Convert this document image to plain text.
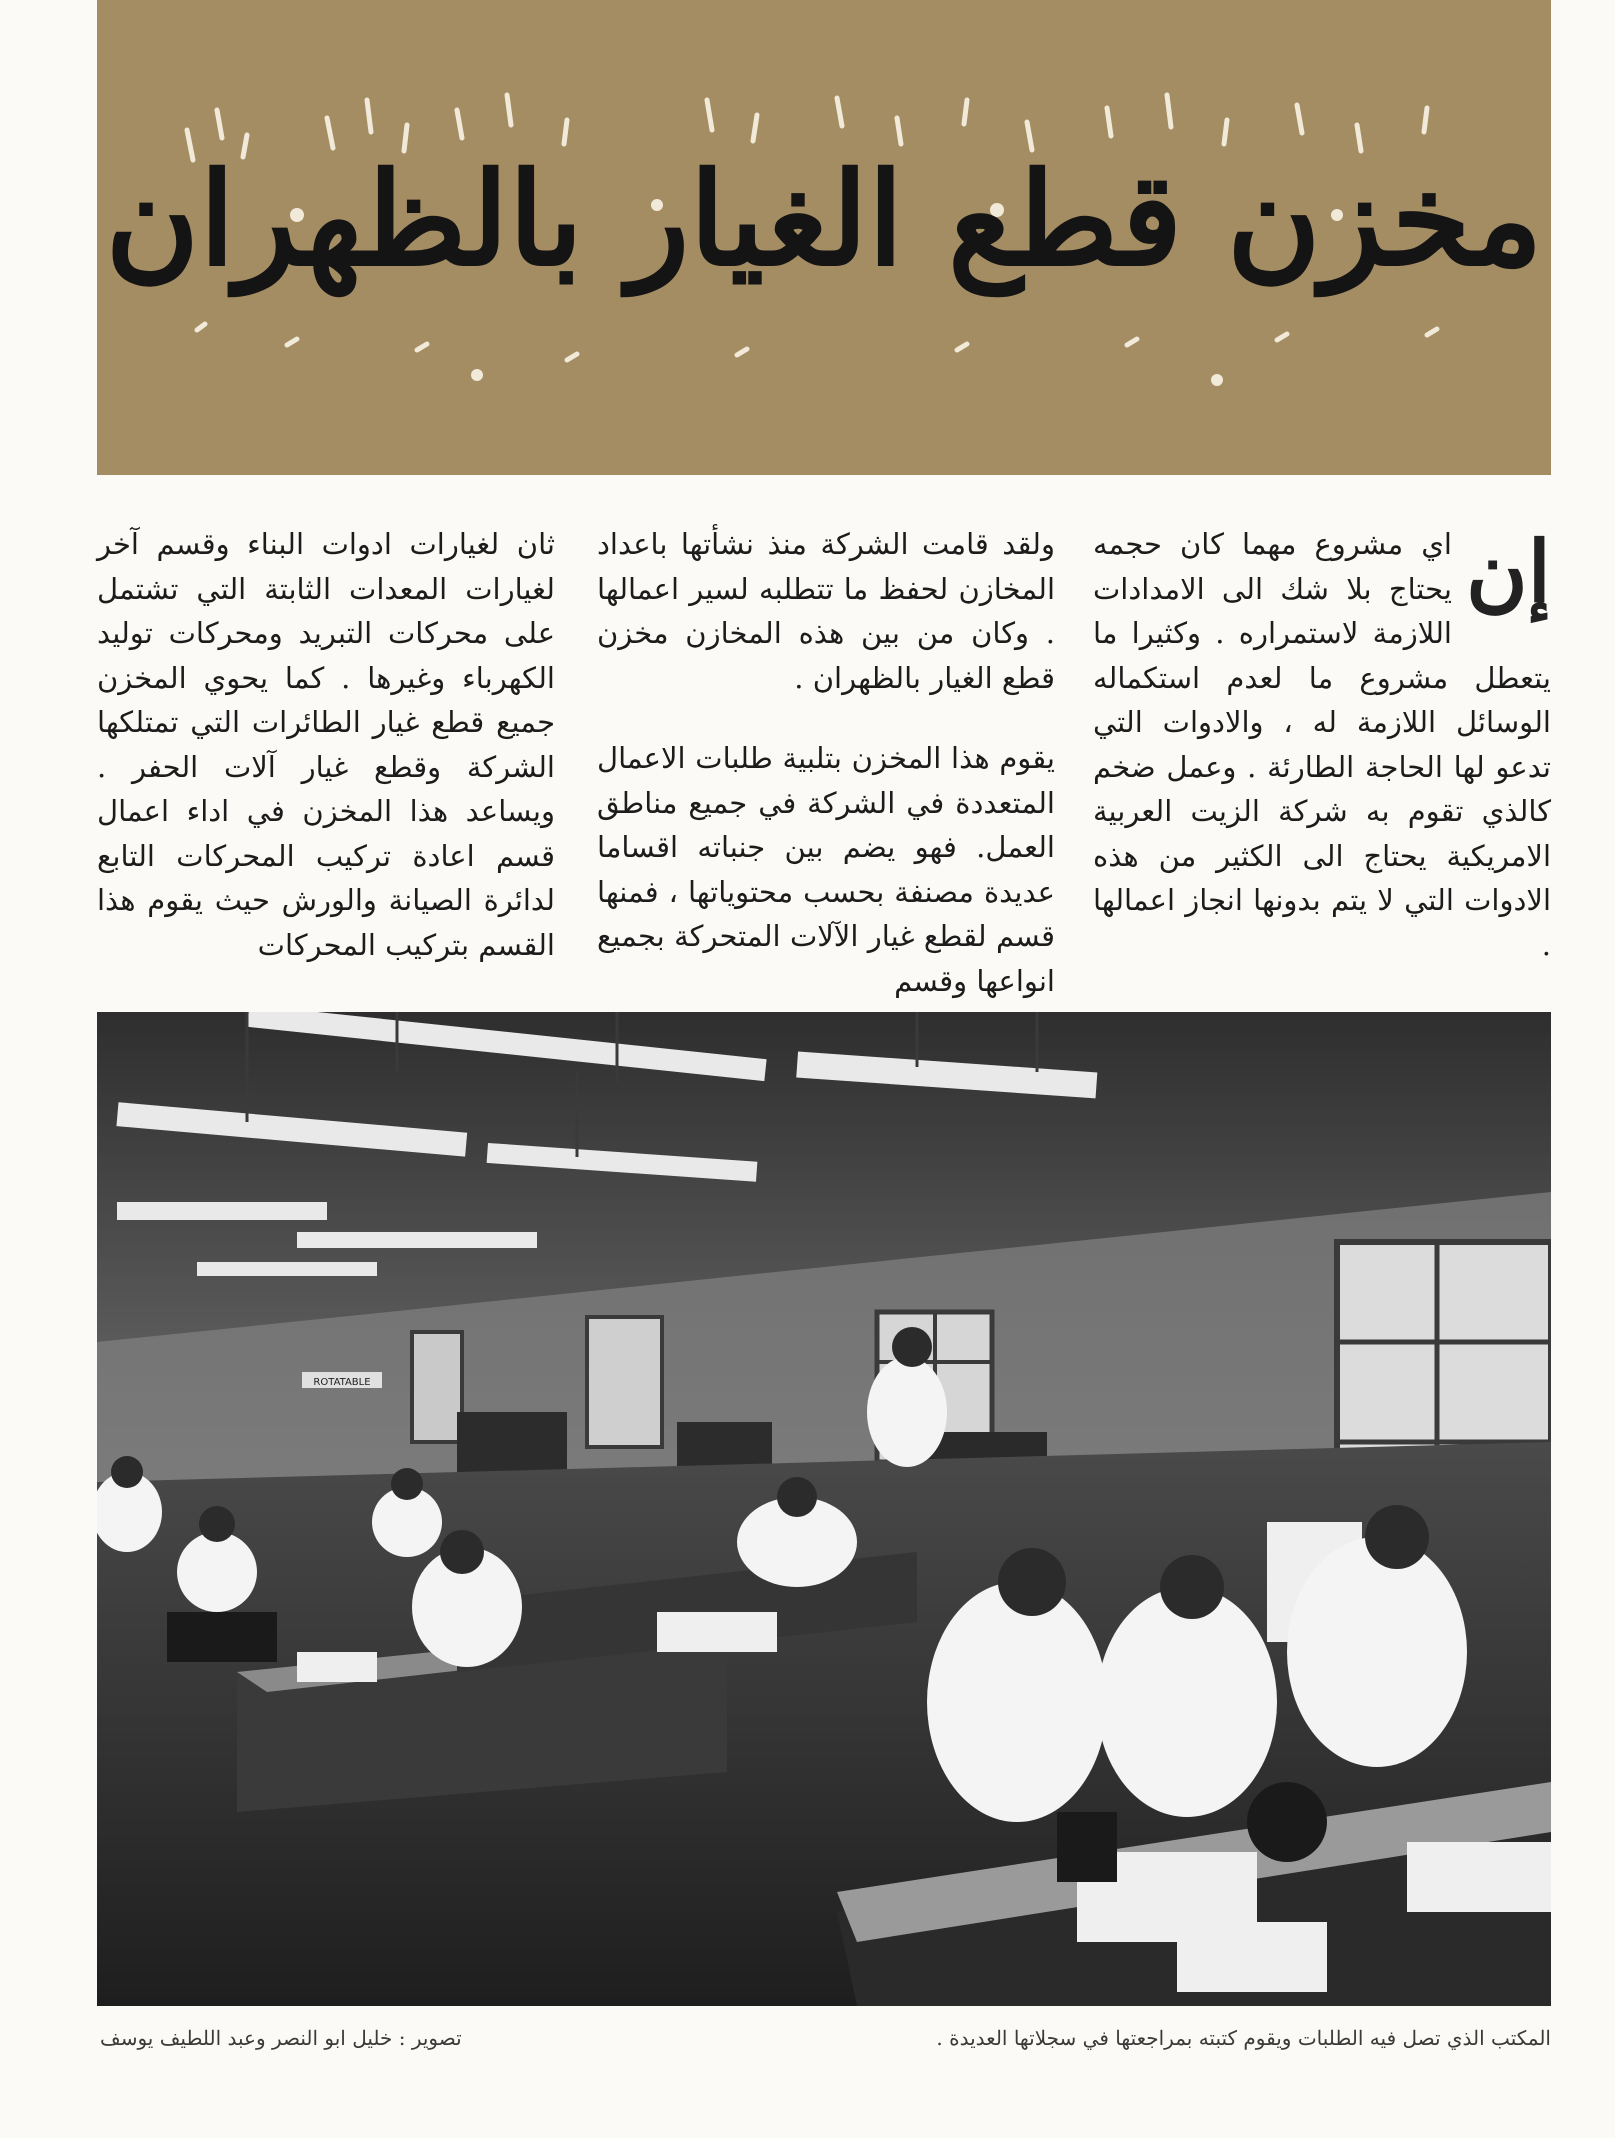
مخزن قطع الغيار بالظهران
إن

اي مشروع مهما كان حجمه يحتاج بلا شك الى الامدادات اللازمة لاستمراره . وكثيرا ما يتعطل مشروع ما لعدم استكماله الوسائل اللازمة له ، والادوات التي تدعو لها الحاجة الطارئة . وعمل ضخم كالذي تقوم به شركة الزيت العربية الامريكية يحتاج الى الكثير من هذه الادوات التي لا يتم بدونها انجاز اعمالها .

ولقد قامت الشركة منذ نشأتها باعداد المخازن لحفظ ما تتطلبه لسير اعمالها . وكان من بين هذه المخازن مخزن قطع الغيار بالظهران .

يقوم هذا المخزن بتلبية طلبات الاعمال المتعددة في الشركة في جميع مناطق العمل. فهو يضم بين جنباته اقساما عديدة مصنفة بحسب محتوياتها ، فمنها قسم لقطع غيار الآلات المتحركة بجميع انواعها وقسم

ثان لغيارات ادوات البناء وقسم آخر لغيارات المعدات الثابتة التي تشتمل على محركات التبريد ومحركات توليد الكهرباء وغيرها . كما يحوي المخزن جميع قطع غيار الطائرات التي تمتلكها الشركة وقطع غيار آلات الحفر . ويساعد هذا المخزن في اداء اعمال قسم اعادة تركيب المحركات التابع لدائرة الصيانة والورش حيث يقوم هذا القسم بتركيب المحركات

ROTATABLE
المكتب الذي تصل فيه الطلبات ويقوم كتبته بمراجعتها في سجلاتها العديدة .
تصوير : خليل ابو النصر وعبد اللطيف يوسف
